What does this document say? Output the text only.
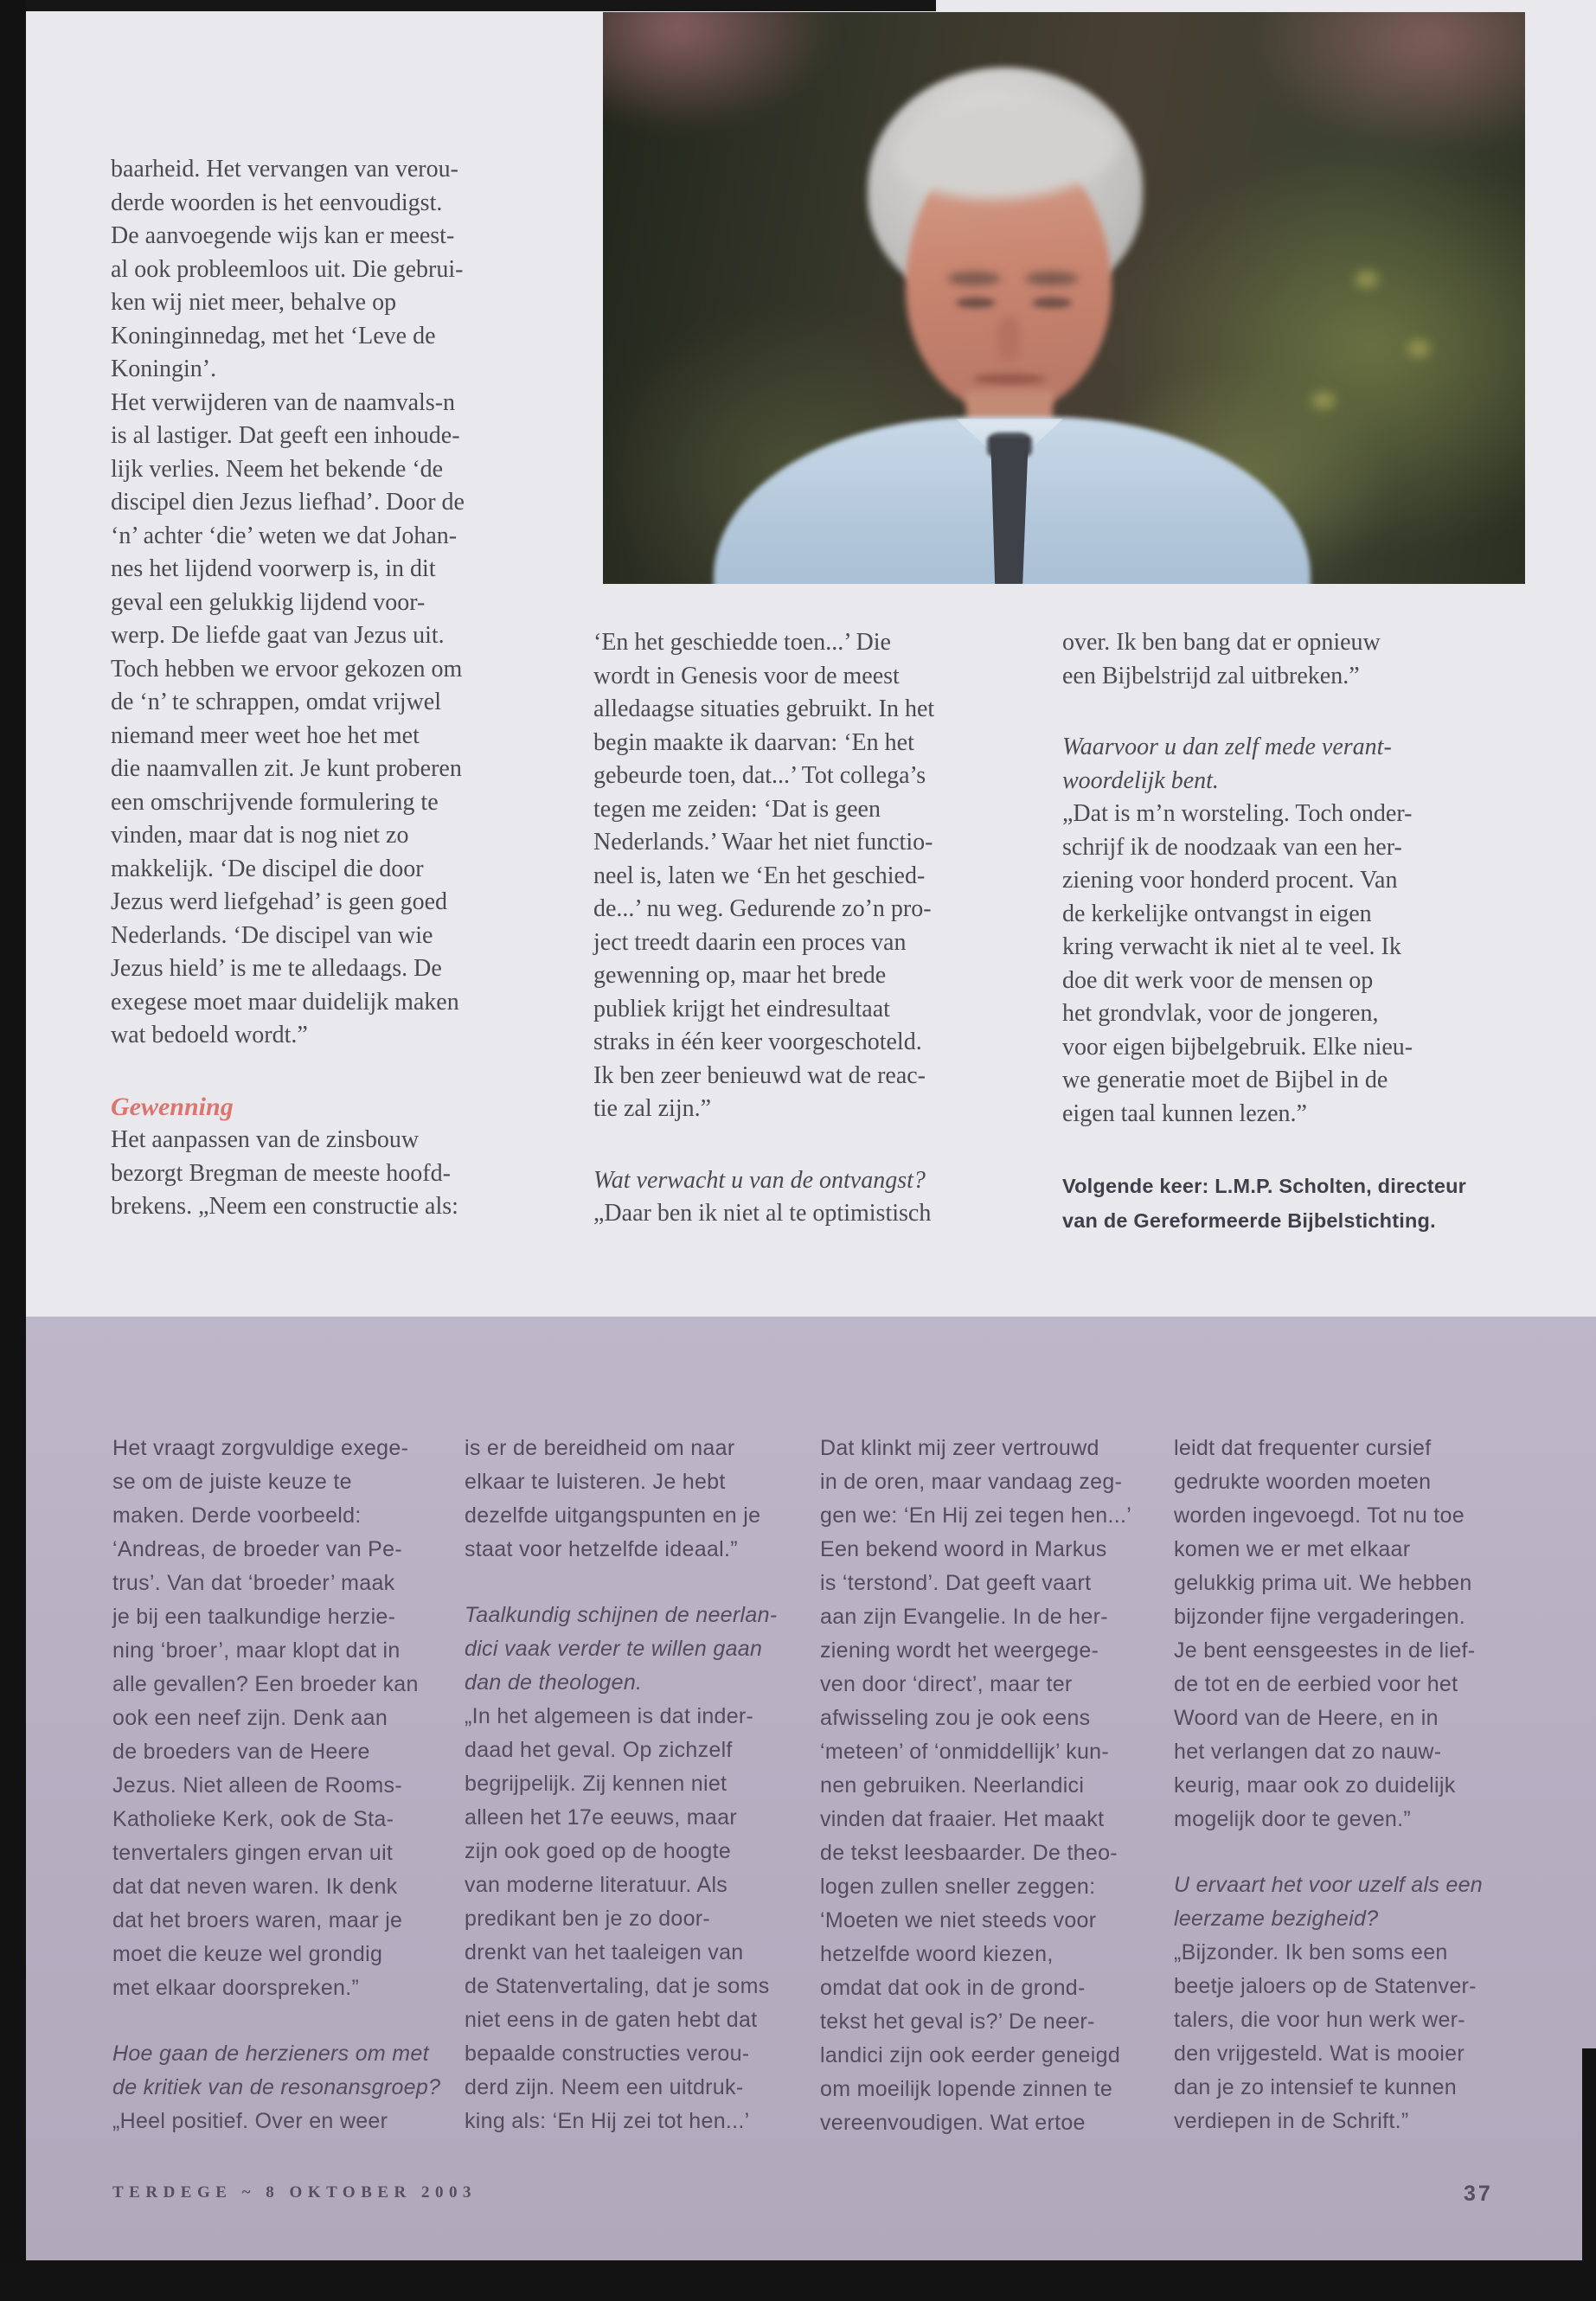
baarheid. Het vervangen van verou-
derde woorden is het eenvoudigst.
De aanvoegende wijs kan er meest-
al ook probleemloos uit. Die gebrui-
ken wij niet meer, behalve op
Koninginnedag, met het ‘Leve de
Koningin’.
Het verwijderen van de naamvals-n
is al lastiger. Dat geeft een inhoude-
lijk verlies. Neem het bekende ‘de
discipel dien Jezus liefhad’. Door de
‘n’ achter ‘die’ weten we dat Johan-
nes het lijdend voorwerp is, in dit
geval een gelukkig lijdend voor-
werp. De liefde gaat van Jezus uit.
Toch hebben we ervoor gekozen om
de ‘n’ te schrappen, omdat vrijwel
niemand meer weet hoe het met
die naamvallen zit. Je kunt proberen
een omschrijvende formulering te
vinden, maar dat is nog niet zo
makkelijk. ‘De discipel die door
Jezus werd liefgehad’ is geen goed
Nederlands. ‘De discipel van wie
Jezus hield’ is me te alledaags. De
exegese moet maar duidelijk maken
wat bedoeld wordt.”
Gewenning
Het aanpassen van de zinsbouw
bezorgt Bregman de meeste hoofd-
brekens. „Neem een constructie als:
‘En het geschiedde toen...’ Die
wordt in Genesis voor de meest
alledaagse situaties gebruikt. In het
begin maakte ik daarvan: ‘En het
gebeurde toen, dat...’ Tot collega’s
tegen me zeiden: ‘Dat is geen
Nederlands.’ Waar het niet functio-
neel is, laten we ‘En het geschied-
de...’ nu weg. Gedurende zo’n pro-
ject treedt daarin een proces van
gewenning op, maar het brede
publiek krijgt het eindresultaat
straks in één keer voorgeschoteld.
Ik ben zeer benieuwd wat de reac-
tie zal zijn.”
Wat verwacht u van de ontvangst?
„Daar ben ik niet al te optimistisch
over. Ik ben bang dat er opnieuw
een Bijbelstrijd zal uitbreken.”
Waarvoor u dan zelf mede verant-
woordelijk bent.
„Dat is m’n worsteling. Toch onder-
schrijf ik de noodzaak van een her-
ziening voor honderd procent. Van
de kerkelijke ontvangst in eigen
kring verwacht ik niet al te veel. Ik
doe dit werk voor de mensen op
het grondvlak, voor de jongeren,
voor eigen bijbelgebruik. Elke nieu-
we generatie moet de Bijbel in de
eigen taal kunnen lezen.”
Volgende keer: L.M.P. Scholten, directeur
van de Gereformeerde Bijbelstichting.
Het vraagt zorgvuldige exege-
se om de juiste keuze te
maken. Derde voorbeeld:
‘Andreas, de broeder van Pe-
trus’. Van dat ‘broeder’ maak
je bij een taalkundige herzie-
ning ‘broer’, maar klopt dat in
alle gevallen? Een broeder kan
ook een neef zijn. Denk aan
de broeders van de Heere
Jezus. Niet alleen de Rooms-
Katholieke Kerk, ook de Sta-
tenvertalers gingen ervan uit
dat dat neven waren. Ik denk
dat het broers waren, maar je
moet die keuze wel grondig
met elkaar doorspreken.”
Hoe gaan de herzieners om met
de kritiek van de resonansgroep?
„Heel positief. Over en weer
is er de bereidheid om naar
elkaar te luisteren. Je hebt
dezelfde uitgangspunten en je
staat voor hetzelfde ideaal.”
Taalkundig schijnen de neerlan-
dici vaak verder te willen gaan
dan de theologen.
„In het algemeen is dat inder-
daad het geval. Op zichzelf
begrijpelijk. Zij kennen niet
alleen het 17e eeuws, maar
zijn ook goed op de hoogte
van moderne literatuur. Als
predikant ben je zo door-
drenkt van het taaleigen van
de Statenvertaling, dat je soms
niet eens in de gaten hebt dat
bepaalde constructies verou-
derd zijn. Neem een uitdruk-
king als: ‘En Hij zei tot hen...’
Dat klinkt mij zeer vertrouwd
in de oren, maar vandaag zeg-
gen we: ‘En Hij zei tegen hen...’
Een bekend woord in Markus
is ‘terstond’. Dat geeft vaart
aan zijn Evangelie. In de her-
ziening wordt het weergege-
ven door ‘direct’, maar ter
afwisseling zou je ook eens
‘meteen’ of ‘onmiddellijk’ kun-
nen gebruiken. Neerlandici
vinden dat fraaier. Het maakt
de tekst leesbaarder. De theo-
logen zullen sneller zeggen:
‘Moeten we niet steeds voor
hetzelfde woord kiezen,
omdat dat ook in de grond-
tekst het geval is?’ De neer-
landici zijn ook eerder geneigd
om moeilijk lopende zinnen te
vereenvoudigen. Wat ertoe
leidt dat frequenter cursief
gedrukte woorden moeten
worden ingevoegd. Tot nu toe
komen we er met elkaar
gelukkig prima uit. We hebben
bijzonder fijne vergaderingen.
Je bent eensgeestes in de lief-
de tot en de eerbied voor het
Woord van de Heere, en in
het verlangen dat zo nauw-
keurig, maar ook zo duidelijk
mogelijk door te geven.”
U ervaart het voor uzelf als een
leerzame bezigheid?
„Bijzonder. Ik ben soms een
beetje jaloers op de Statenver-
talers, die voor hun werk wer-
den vrijgesteld. Wat is mooier
dan je zo intensief te kunnen
verdiepen in de Schrift.”
TERDEGE ~ 8 OKTOBER 2003	37
